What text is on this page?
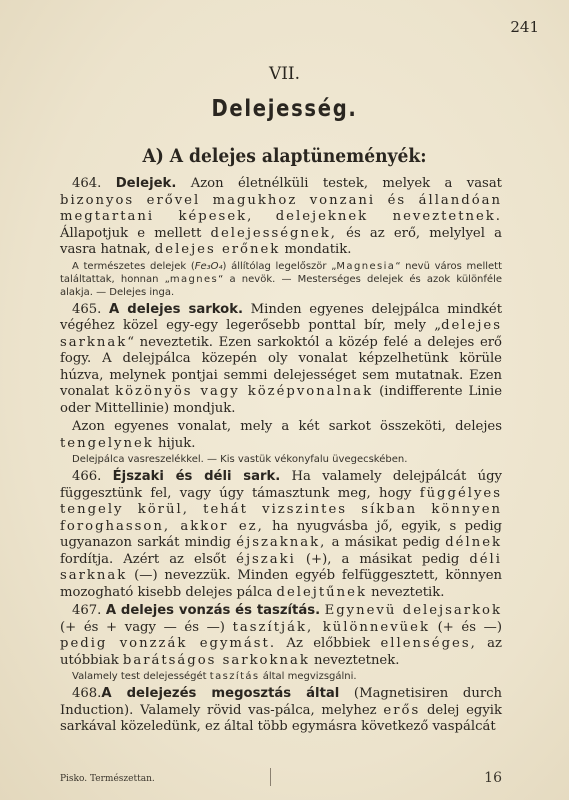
241
VII.
Delejesség.
A) A delejes alaptüneményék:

464. Delejek. Azon életnélküli testek, melyek a vasat bizonyos erővel magukhoz vonzani és állandóan megtartani képesek, delejeknek neveztetnek. Állapotjuk e mellett delejességnek, és az erő, melylyel a vasra hatnak, delejes erőnek mondatik.

A természetes delejek (Fe₃O₄) állítólag legelőször „Magnesia“ nevü város mellett találtattak, honnan „magnes“ a nevök. — Mesterséges delejek és azok különféle alakja. — Delejes inga.

465. A delejes sarkok. Minden egyenes delejpálca mindkét végéhez közel egy-egy legerősebb ponttal bír, mely „delejes sarknak“ neveztetik. Ezen sarkoktól a közép felé a delejes erő fogy. A delejpálca közepén oly vonalat képzelhetünk körüle húzva, melynek pontjai semmi delejességet sem mutatnak. Ezen vonalat közönyös vagy középvonalnak (indifferente Linie oder Mittellinie) mondjuk.

Azon egyenes vonalat, mely a két sarkot összeköti, delejes tengelynek hijuk.

Delejpálca vasreszelékkel. — Kis vastük vékonyfalu üvegecskében.

466. Éjszaki és déli sark. Ha valamely delejpálcát úgy függesztünk fel, vagy úgy támasztunk meg, hogy függélyes tengely körül, tehát vizszintes síkban könnyen foroghasson, akkor ez, ha nyugvásba jő, egyik, s pedig ugyanazon sarkát mindig éjszaknak, a másikat pedig délnek fordítja. Azért az elsőt éjszaki (+), a másikat pedig déli sarknak (—) nevezzük. Minden egyéb felfüggesztett, könnyen mozogható kisebb delejes pálca delejtűnek neveztetik.

467. A delejes vonzás és taszítás. Egynevü delejsarkok (+ és + vagy — és —) taszítják, különnevüek (+ és —) pedig vonzzák egymást. Az előbbiek ellenséges, az utóbbiak barátságos sarkoknak neveztetnek.

Valamely test delejességét taszítás által megvizsgálni.

468.A delejezés megosztás által (Magnetisiren durch Induction). Valamely rövid vas-pálca, melyhez erős delej egyik sarkával közeledünk, ez által több egymásra következő vaspálcát

Pisko. Természettan.	16
